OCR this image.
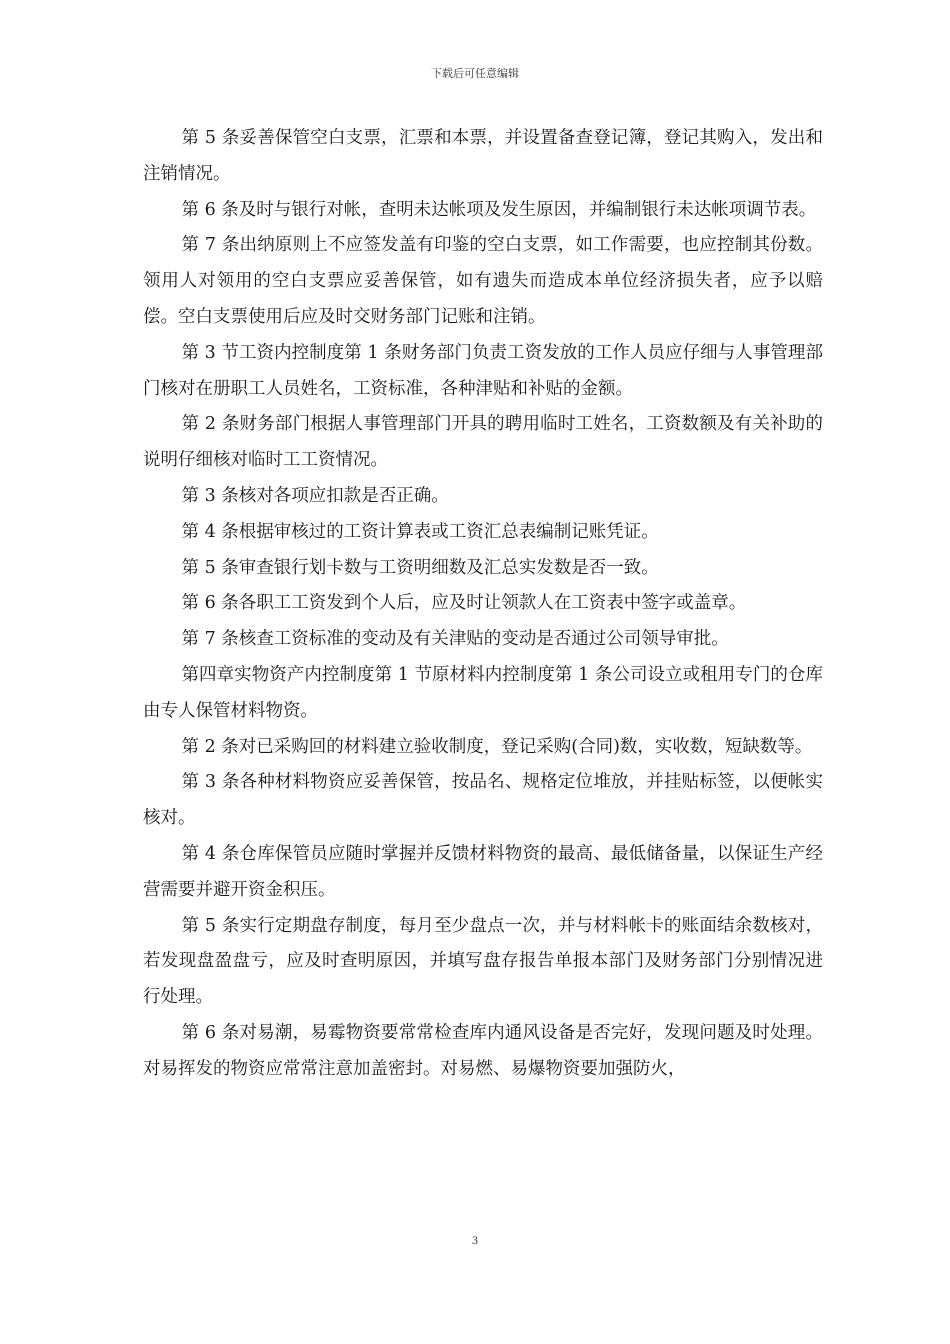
下载后可任意编辑

第 5 条妥善保管空白支票，汇票和本票，并设置备查登记簿，登记其购入，发出和注销情况。

第 6 条及时与银行对帐，查明未达帐项及发生原因，并编制银行未达帐项调节表。

第 7 条出纳原则上不应签发盖有印鉴的空白支票，如工作需要，也应控制其份数。领用人对领用的空白支票应妥善保管，如有遗失而造成本单位经济损失者，应予以赔偿。空白支票使用后应及时交财务部门记账和注销。

第 3 节工资内控制度第 1 条财务部门负责工资发放的工作人员应仔细与人事管理部门核对在册职工人员姓名，工资标准，各种津贴和补贴的金额。

第 2 条财务部门根据人事管理部门开具的聘用临时工姓名，工资数额及有关补助的说明仔细核对临时工工资情况。

第 3 条核对各项应扣款是否正确。

第 4 条根据审核过的工资计算表或工资汇总表编制记账凭证。

第 5 条审查银行划卡数与工资明细数及汇总实发数是否一致。

第 6 条各职工工资发到个人后，应及时让领款人在工资表中签字或盖章。

第 7 条核查工资标准的变动及有关津贴的变动是否通过公司领导审批。

第四章实物资产内控制度第 1 节原材料内控制度第 1 条公司设立或租用专门的仓库由专人保管材料物资。

第 2 条对已采购回的材料建立验收制度，登记采购(合同)数，实收数，短缺数等。

第 3 条各种材料物资应妥善保管，按品名、规格定位堆放，并挂贴标签，以便帐实核对。

第 4 条仓库保管员应随时掌握并反馈材料物资的最高、最低储备量，以保证生产经营需要并避开资金积压。

第 5 条实行定期盘存制度，每月至少盘点一次，并与材料帐卡的账面结余数核对，若发现盘盈盘亏，应及时查明原因，并填写盘存报告单报本部门及财务部门分别情况进行处理。

第 6 条对易潮，易霉物资要常常检查库内通风设备是否完好，发现问题及时处理。对易挥发的物资应常常注意加盖密封。对易燃、易爆物资要加强防火，

3
